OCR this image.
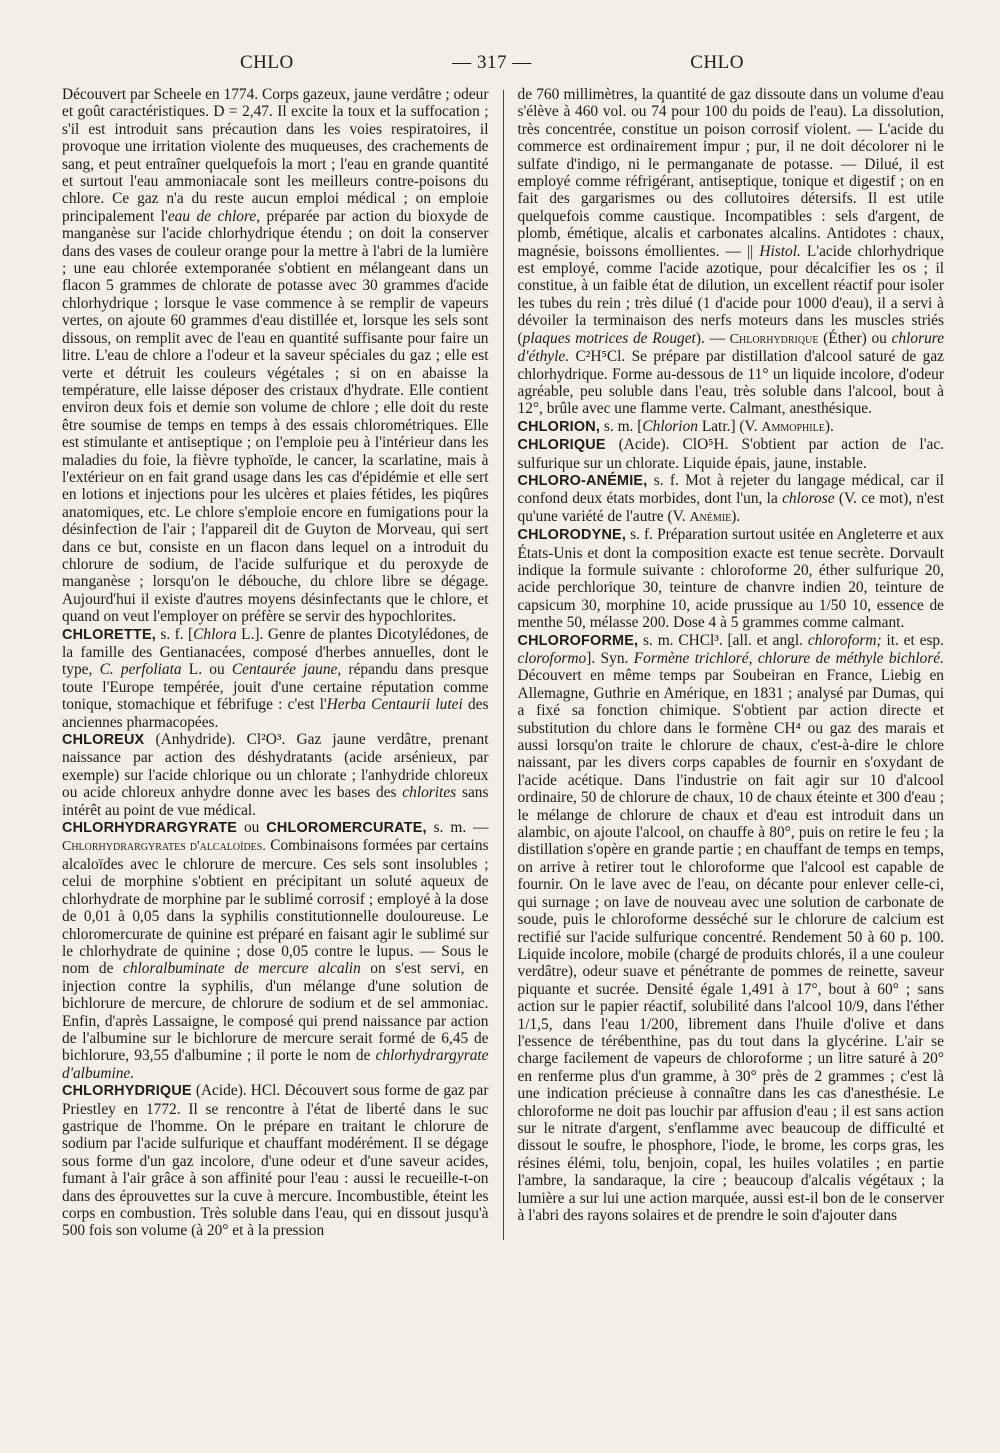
CHLO	— 317 —	CHLO

Découvert par Scheele en 1774. Corps gazeux, jaune verdâtre ; odeur et goût caractéristiques. D = 2,47. Il excite la toux et la suffocation ; s'il est introduit sans précaution dans les voies respiratoires, il provoque une irritation violente des muqueuses, des crachements de sang, et peut entraîner quelquefois la mort ; l'eau en grande quantité et surtout l'eau ammoniacale sont les meilleurs contre-poisons du chlore. Ce gaz n'a du reste aucun emploi médical ; on emploie principalement l'eau de chlore, préparée par action du bioxyde de manganèse sur l'acide chlorhydrique étendu ; on doit la conserver dans des vases de couleur orange pour la mettre à l'abri de la lumière ; une eau chlorée extemporanée s'obtient en mélangeant dans un flacon 5 grammes de chlorate de potasse avec 30 grammes d'acide chlorhydrique ; lorsque le vase commence à se remplir de vapeurs vertes, on ajoute 60 grammes d'eau distillée et, lorsque les sels sont dissous, on remplit avec de l'eau en quantité suffisante pour faire un litre. L'eau de chlore a l'odeur et la saveur spéciales du gaz ; elle est verte et détruit les couleurs végétales ; si on en abaisse la température, elle laisse déposer des cristaux d'hydrate. Elle contient environ deux fois et demie son volume de chlore ; elle doit du reste être soumise de temps en temps à des essais chlorométriques. Elle est stimulante et antiseptique ; on l'emploie peu à l'intérieur dans les maladies du foie, la fièvre typhoïde, le cancer, la scarlatine, mais à l'extérieur on en fait grand usage dans les cas d'épidémie et elle sert en lotions et injections pour les ulcères et plaies fétides, les piqûres anatomiques, etc. Le chlore s'emploie encore en fumigations pour la désinfection de l'air ; l'appareil dit de Guyton de Morveau, qui sert dans ce but, consiste en un flacon dans lequel on a introduit du chlorure de sodium, de l'acide sulfurique et du peroxyde de manganèse ; lorsqu'on le débouche, du chlore libre se dégage. Aujourd'hui il existe d'autres moyens désinfectants que le chlore, et quand on veut l'employer on préfère se servir des hypochlorites.

CHLORETTE, s. f. [Chlora L.]. Genre de plantes Dicotylédones, de la famille des Gentianacées, composé d'herbes annuelles, dont le type, C. perfoliata L. ou Centaurée jaune, répandu dans presque toute l'Europe tempérée, jouit d'une certaine réputation comme tonique, stomachique et fébrifuge : c'est l'Herba Centaurii lutei des anciennes pharmacopées.

CHLOREUX (Anhydride). Cl²O³. Gaz jaune verdâtre, prenant naissance par action des déshydratants (acide arsénieux, par exemple) sur l'acide chlorique ou un chlorate ; l'anhydride chloreux ou acide chloreux anhydre donne avec les bases des chlorites sans intérêt au point de vue médical.

CHLORHYDRARGYRATE ou CHLOROMERCURATE, s. m. — Chlorhydrargyrates d'alcaloïdes. Combinaisons formées par certains alcaloïdes avec le chlorure de mercure. Ces sels sont insolubles ; celui de morphine s'obtient en précipitant un soluté aqueux de chlorhydrate de morphine par le sublimé corrosif ; employé à la dose de 0,01 à 0,05 dans la syphilis constitutionnelle douloureuse. Le chloromercurate de quinine est préparé en faisant agir le sublimé sur le chlorhydrate de quinine ; dose 0,05 contre le lupus. — Sous le nom de chloralbuminate de mercure alcalin on s'est servi, en injection contre la syphilis, d'un mélange d'une solution de bichlorure de mercure, de chlorure de sodium et de sel ammoniac. Enfin, d'après Lassaigne, le composé qui prend naissance par action de l'albumine sur le bichlorure de mercure serait formé de 6,45 de bichlorure, 93,55 d'albumine ; il porte le nom de chlorhydrargyrate d'albumine.

CHLORHYDRIQUE (Acide). HCl. Découvert sous forme de gaz par Priestley en 1772. Il se rencontre à l'état de liberté dans le suc gastrique de l'homme. On le prépare en traitant le chlorure de sodium par l'acide sulfurique et chauffant modérément. Il se dégage sous forme d'un gaz incolore, d'une odeur et d'une saveur acides, fumant à l'air grâce à son affinité pour l'eau : aussi le recueille-t-on dans des éprouvettes sur la cuve à mercure. Incombustible, éteint les corps en combustion. Très soluble dans l'eau, qui en dissout jusqu'à 500 fois son volume (à 20° et à la pression

de 760 millimètres, la quantité de gaz dissoute dans un volume d'eau s'élève à 460 vol. ou 74 pour 100 du poids de l'eau). La dissolution, très concentrée, constitue un poison corrosif violent. — L'acide du commerce est ordinairement impur ; pur, il ne doit décolorer ni le sulfate d'indigo, ni le permanganate de potasse. — Dilué, il est employé comme réfrigérant, antiseptique, tonique et digestif ; on en fait des gargarismes ou des collutoires détersifs. Il est utile quelquefois comme caustique. Incompatibles : sels d'argent, de plomb, émétique, alcalis et carbonates alcalins. Antidotes : chaux, magnésie, boissons émollientes. — || Histol. L'acide chlorhydrique est employé, comme l'acide azotique, pour décalcifier les os ; il constitue, à un faible état de dilution, un excellent réactif pour isoler les tubes du rein ; très dilué (1 d'acide pour 1000 d'eau), il a servi à dévoiler la terminaison des nerfs moteurs dans les muscles striés (plaques motrices de Rouget). — Chlorhydrique (Éther) ou chlorure d'éthyle. C²H⁵Cl. Se prépare par distillation d'alcool saturé de gaz chlorhydrique. Forme au-dessous de 11° un liquide incolore, d'odeur agréable, peu soluble dans l'eau, très soluble dans l'alcool, bout à 12°, brûle avec une flamme verte. Calmant, anesthésique.

CHLORION, s. m. [Chlorion Latr.] (V. Ammophile).

CHLORIQUE (Acide). ClO⁵H. S'obtient par action de l'ac. sulfurique sur un chlorate. Liquide épais, jaune, instable.

CHLORO-ANÉMIE, s. f. Mot à rejeter du langage médical, car il confond deux états morbides, dont l'un, la chlorose (V. ce mot), n'est qu'une variété de l'autre (V. Anémie).

CHLORODYNE, s. f. Préparation surtout usitée en Angleterre et aux États-Unis et dont la composition exacte est tenue secrète. Dorvault indique la formule suivante : chloroforme 20, éther sulfurique 20, acide perchlorique 30, teinture de chanvre indien 20, teinture de capsicum 30, morphine 10, acide prussique au 1/50 10, essence de menthe 50, mélasse 200. Dose 4 à 5 grammes comme calmant.

CHLOROFORME, s. m. CHCl³. [all. et angl. chloroform; it. et esp. cloroformo]. Syn. Formène trichloré, chlorure de méthyle bichloré. Découvert en même temps par Soubeiran en France, Liebig en Allemagne, Guthrie en Amérique, en 1831 ; analysé par Dumas, qui a fixé sa fonction chimique. S'obtient par action directe et substitution du chlore dans le formène CH⁴ ou gaz des marais et aussi lorsqu'on traite le chlorure de chaux, c'est-à-dire le chlore naissant, par les divers corps capables de fournir en s'oxydant de l'acide acétique. Dans l'industrie on fait agir sur 10 d'alcool ordinaire, 50 de chlorure de chaux, 10 de chaux éteinte et 300 d'eau ; le mélange de chlorure de chaux et d'eau est introduit dans un alambic, on ajoute l'alcool, on chauffe à 80°, puis on retire le feu ; la distillation s'opère en grande partie ; en chauffant de temps en temps, on arrive à retirer tout le chloroforme que l'alcool est capable de fournir. On le lave avec de l'eau, on décante pour enlever celle-ci, qui surnage ; on lave de nouveau avec une solution de carbonate de soude, puis le chloroforme desséché sur le chlorure de calcium est rectifié sur l'acide sulfurique concentré. Rendement 50 à 60 p. 100. Liquide incolore, mobile (chargé de produits chlorés, il a une couleur verdâtre), odeur suave et pénétrante de pommes de reinette, saveur piquante et sucrée. Densité égale 1,491 à 17°, bout à 60° ; sans action sur le papier réactif, solubilité dans l'alcool 10/9, dans l'éther 1/1,5, dans l'eau 1/200, librement dans l'huile d'olive et dans l'essence de térébenthine, pas du tout dans la glycérine. L'air se charge facilement de vapeurs de chloroforme ; un litre saturé à 20° en renferme plus d'un gramme, à 30° près de 2 grammes ; c'est là une indication précieuse à connaître dans les cas d'anesthésie. Le chloroforme ne doit pas louchir par affusion d'eau ; il est sans action sur le nitrate d'argent, s'enflamme avec beaucoup de difficulté et dissout le soufre, le phosphore, l'iode, le brome, les corps gras, les résines élémi, tolu, benjoin, copal, les huiles volatiles ; en partie l'ambre, la sandaraque, la cire ; beaucoup d'alcalis végétaux ; la lumière a sur lui une action marquée, aussi est-il bon de le conserver à l'abri des rayons solaires et de prendre le soin d'ajouter dans
